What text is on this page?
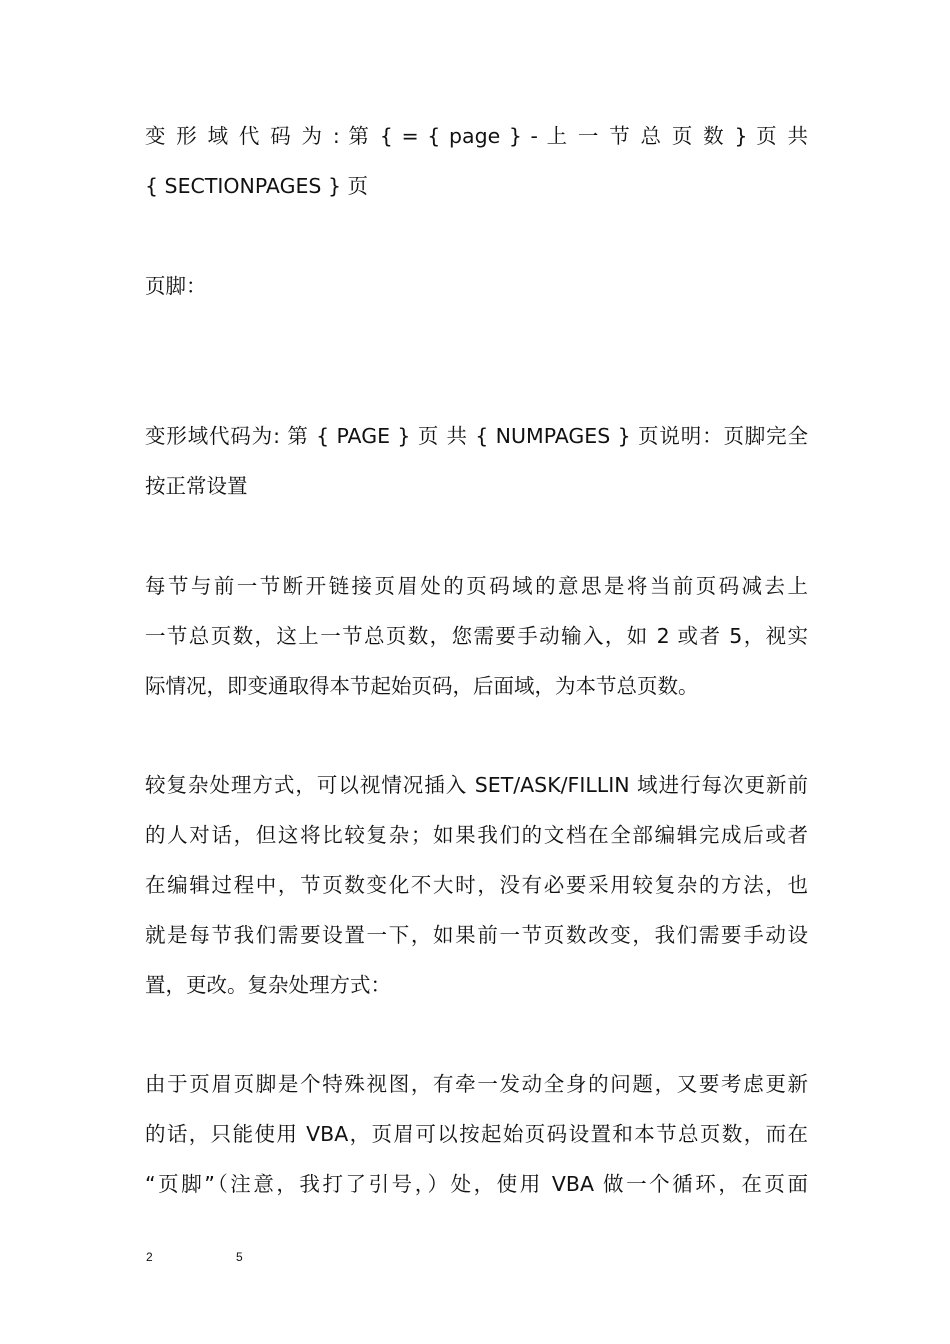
变 形 域 代 码 为 : 第 { = { page } - 上 一 节 总 页 数 } 页 共
{ SECTIONPAGES } 页
页脚：
变形域代码为: 第 { PAGE } 页 共 { NUMPAGES } 页说明：页脚完全
按正常设置
每节与前一节断开链接页眉处的页码域的意思是将当前页码减去上
一节总页数，这上一节总页数，您需要手动输入，如 2 或者 5，视实
际情况，即变通取得本节起始页码，后面域，为本节总页数。
较复杂处理方式，可以视情况插入 SET/ASK/FILLIN 域进行每次更新前
的人对话，但这将比较复杂；如果我们的文档在全部编辑完成后或者
在编辑过程中，节页数变化不大时，没有必要采用较复杂的方法，也
就是每节我们需要设置一下，如果前一节页数改变，我们需要手动设
置，更改。复杂处理方式：
由于页眉页脚是个特殊视图，有牵一发动全身的问题，又要考虑更新
的话，只能使用 VBA，页眉可以按起始页码设置和本节总页数，而在
“页脚”（注意，我打了引号，）处，使用 VBA 做一个循环，在页面
2	5
